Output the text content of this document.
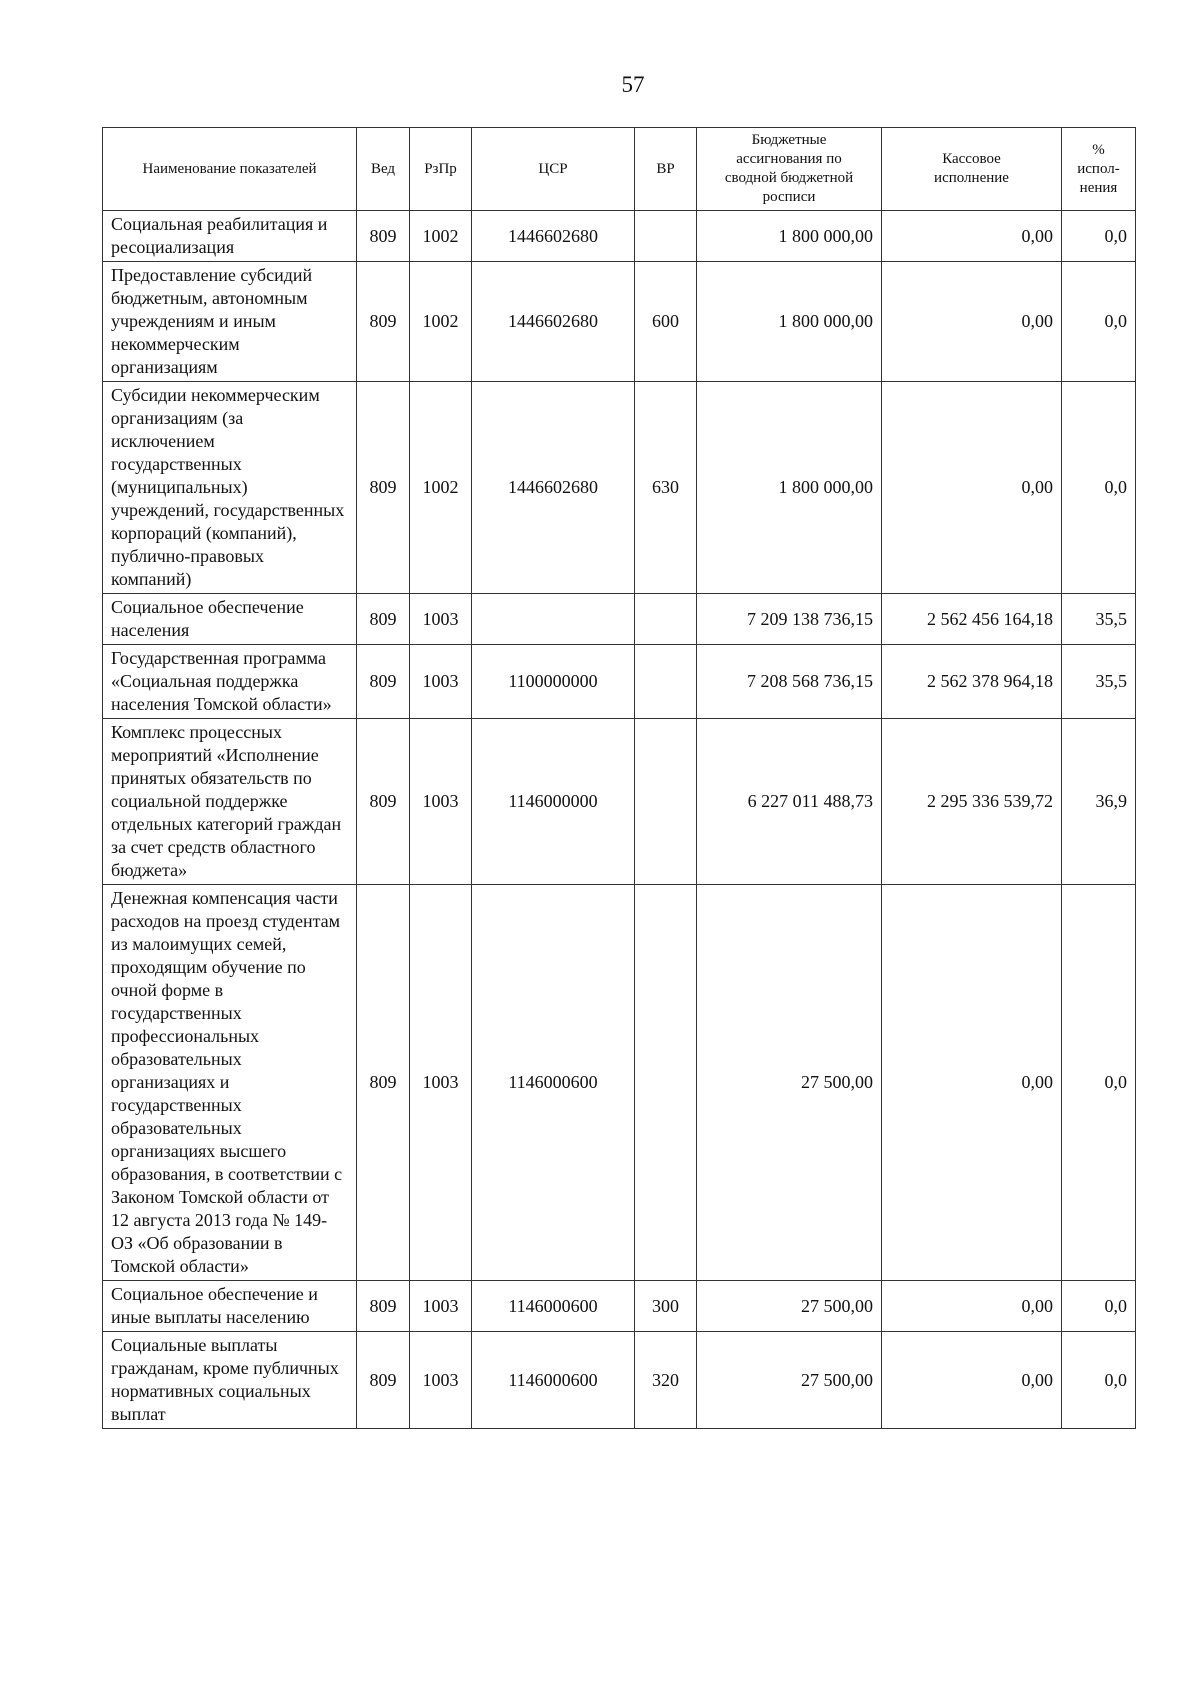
57
Наименование показателей	Вед	РзПр	ЦСР	ВР	Бюджетные ассигнования по сводной бюджетной росписи	Кассовое исполнение	% испол-нения
Социальная реабилитация и ресоциализация	809	1002	1446602680		1 800 000,00	0,00	0,0
Предоставление субсидий бюджетным, автономным учреждениям и иным некоммерческим организациям	809	1002	1446602680	600	1 800 000,00	0,00	0,0
Субсидии некоммерческим организациям (за исключением государственных (муниципальных) учреждений, государственных корпораций (компаний), публично-правовых компаний)	809	1002	1446602680	630	1 800 000,00	0,00	0,0
Социальное обеспечение населения	809	1003			7 209 138 736,15	2 562 456 164,18	35,5
Государственная программа «Социальная поддержка населения Томской области»	809	1003	1100000000		7 208 568 736,15	2 562 378 964,18	35,5
Комплекс процессных мероприятий «Исполнение принятых обязательств по социальной поддержке отдельных категорий граждан за счет средств областного бюджета»	809	1003	1146000000		6 227 011 488,73	2 295 336 539,72	36,9
Денежная компенсация части расходов на проезд студентам из малоимущих семей, проходящим обучение по очной форме в государственных профессиональных образовательных организациях и государственных образовательных организациях высшего образования, в соответствии с Законом Томской области от 12 августа 2013 года № 149-ОЗ «Об образовании в Томской области»	809	1003	1146000600		27 500,00	0,00	0,0
Социальное обеспечение и иные выплаты населению	809	1003	1146000600	300	27 500,00	0,00	0,0
Социальные выплаты гражданам, кроме публичных нормативных социальных выплат	809	1003	1146000600	320	27 500,00	0,00	0,0
